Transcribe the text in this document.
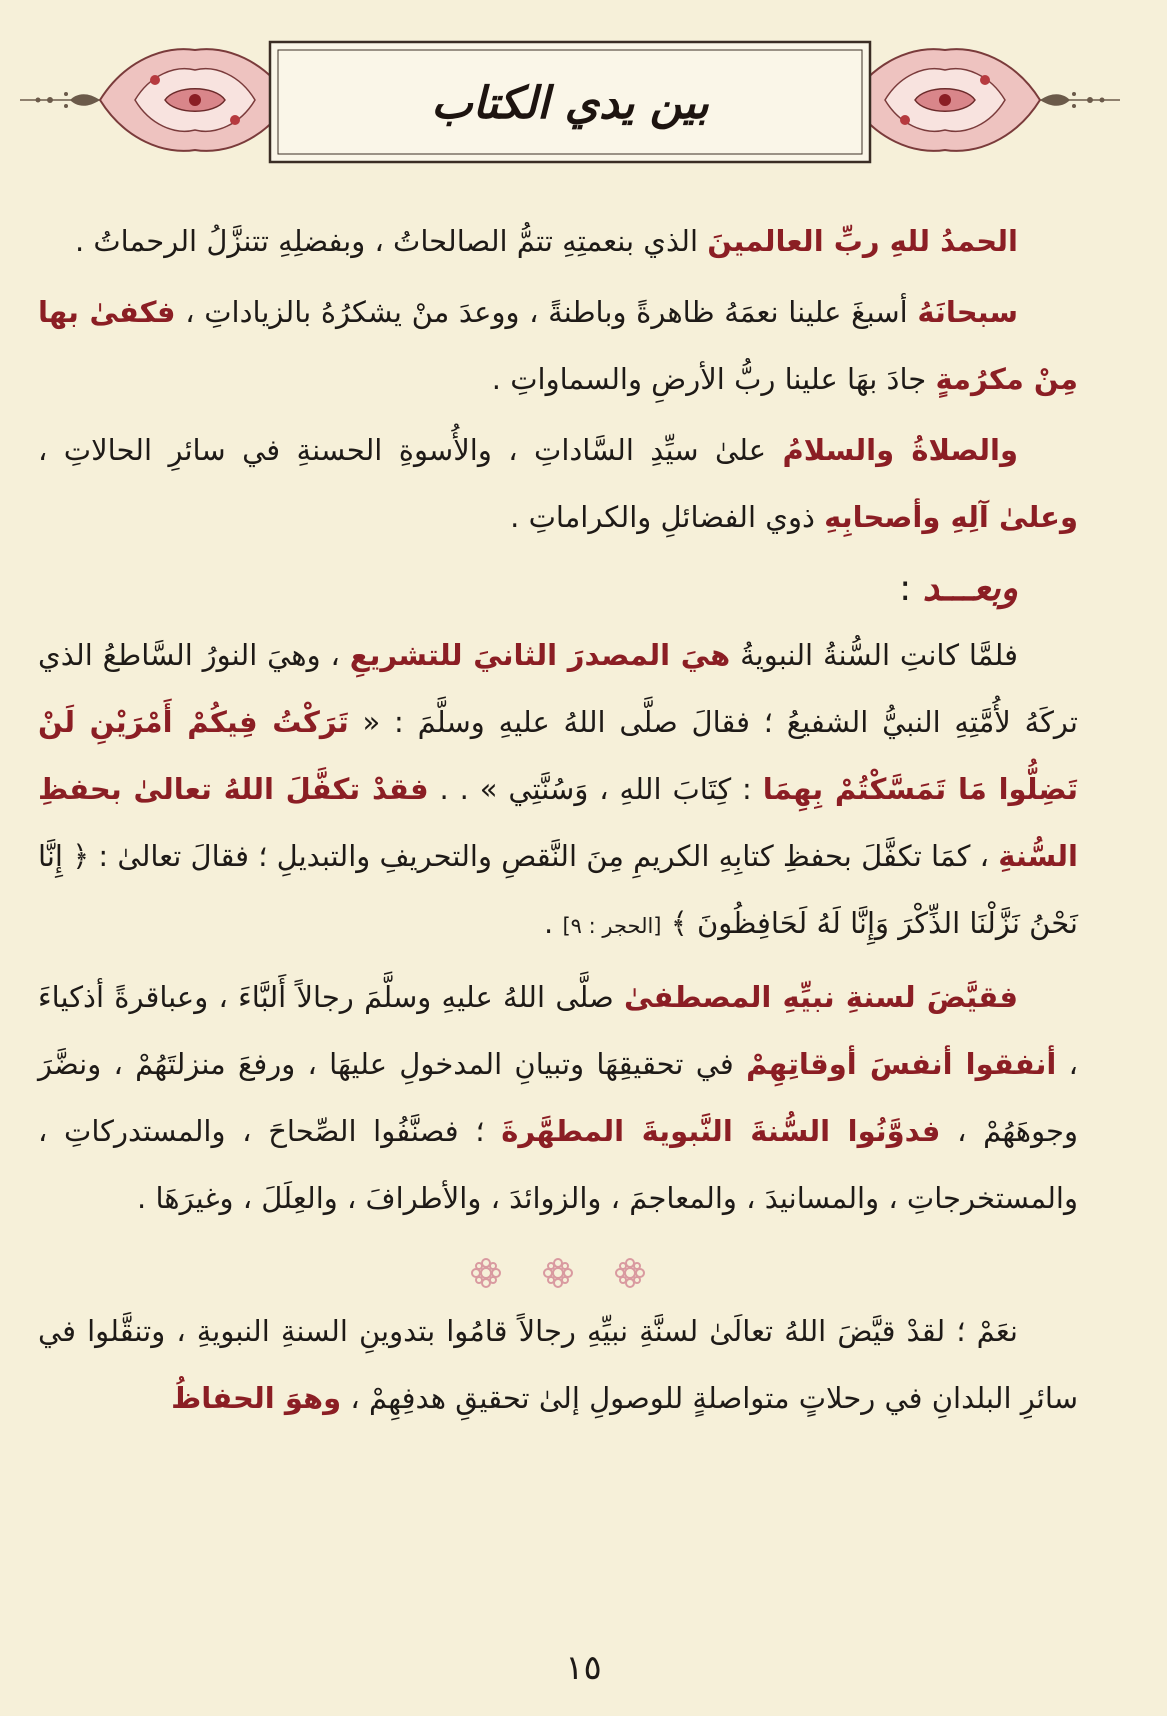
بين يدي الكتاب

الحمدُ للهِ ربِّ العالمينَ الذي بنعمتِهِ تتمُّ الصالحاتُ ، وبفضلِهِ تتنزَّلُ الرحماتُ .

سبحانَهُ أسبغَ علينا نعمَهُ ظاهرةً وباطنةً ، ووعدَ منْ يشكرُهُ بالزياداتِ ، فكفىٰ بها مِنْ مكرُمةٍ جادَ بهَا علينا ربُّ الأرضِ والسماواتِ .

والصلاةُ والسلامُ علىٰ سيِّدِ السَّاداتِ ، والأُسوةِ الحسنةِ في سائرِ الحالاتِ ، وعلىٰ آلِهِ وأصحابِهِ ذوي الفضائلِ والكراماتِ .

وبعـــد :

فلمَّا كانتِ السُّنةُ النبويةُ هيَ المصدرَ الثانيَ للتشريعِ ، وهيَ النورُ السَّاطعُ الذي تركَهُ لأُمَّتِهِ النبيُّ الشفيعُ ؛ فقالَ صلَّى اللهُ عليهِ وسلَّمَ : « تَرَكْتُ فِيكُمْ أَمْرَيْنِ لَنْ تَضِلُّوا مَا تَمَسَّكْتُمْ بِهِمَا : كِتَابَ اللهِ ، وَسُنَّتِي » . . فقدْ تكفَّلَ اللهُ تعالىٰ بحفظِ السُّنةِ ، كمَا تكفَّلَ بحفظِ كتابِهِ الكريمِ مِنَ النَّقصِ والتحريفِ والتبديلِ ؛ فقالَ تعالىٰ : ﴿ إِنَّا نَحْنُ نَزَّلْنَا الذِّكْرَ وَإِنَّا لَهُ لَحَافِظُونَ ﴾ [الحجر : ٩] .

فقيَّضَ لسنةِ نبيِّهِ المصطفىٰ صلَّى اللهُ عليهِ وسلَّمَ رجالاً أَلبَّاءَ ، وعباقرةً أذكياءَ ، أنفقوا أنفسَ أوقاتِهِمْ في تحقيقِهَا وتبيانِ المدخولِ عليهَا ، ورفعَ منزلتَهُمْ ، ونضَّرَ وجوهَهُمْ ، فدوَّنُوا السُّنةَ النَّبويةَ المطهَّرةَ ؛ فصنَّفُوا الصِّحاحَ ، والمستدركاتِ ، والمستخرجاتِ ، والمسانيدَ ، والمعاجمَ ، والزوائدَ ، والأطرافَ ، والعِلَلَ ، وغيرَهَا .

نعَمْ ؛ لقدْ قيَّضَ اللهُ تعالَىٰ لسنَّةِ نبيِّهِ رجالاً قامُوا بتدوينِ السنةِ النبويةِ ، وتنقَّلوا في سائرِ البلدانِ في رحلاتٍ متواصلةٍ للوصولِ إلىٰ تحقيقِ هدفِهِمْ ، وهوَ الحفاظُ

١٥
